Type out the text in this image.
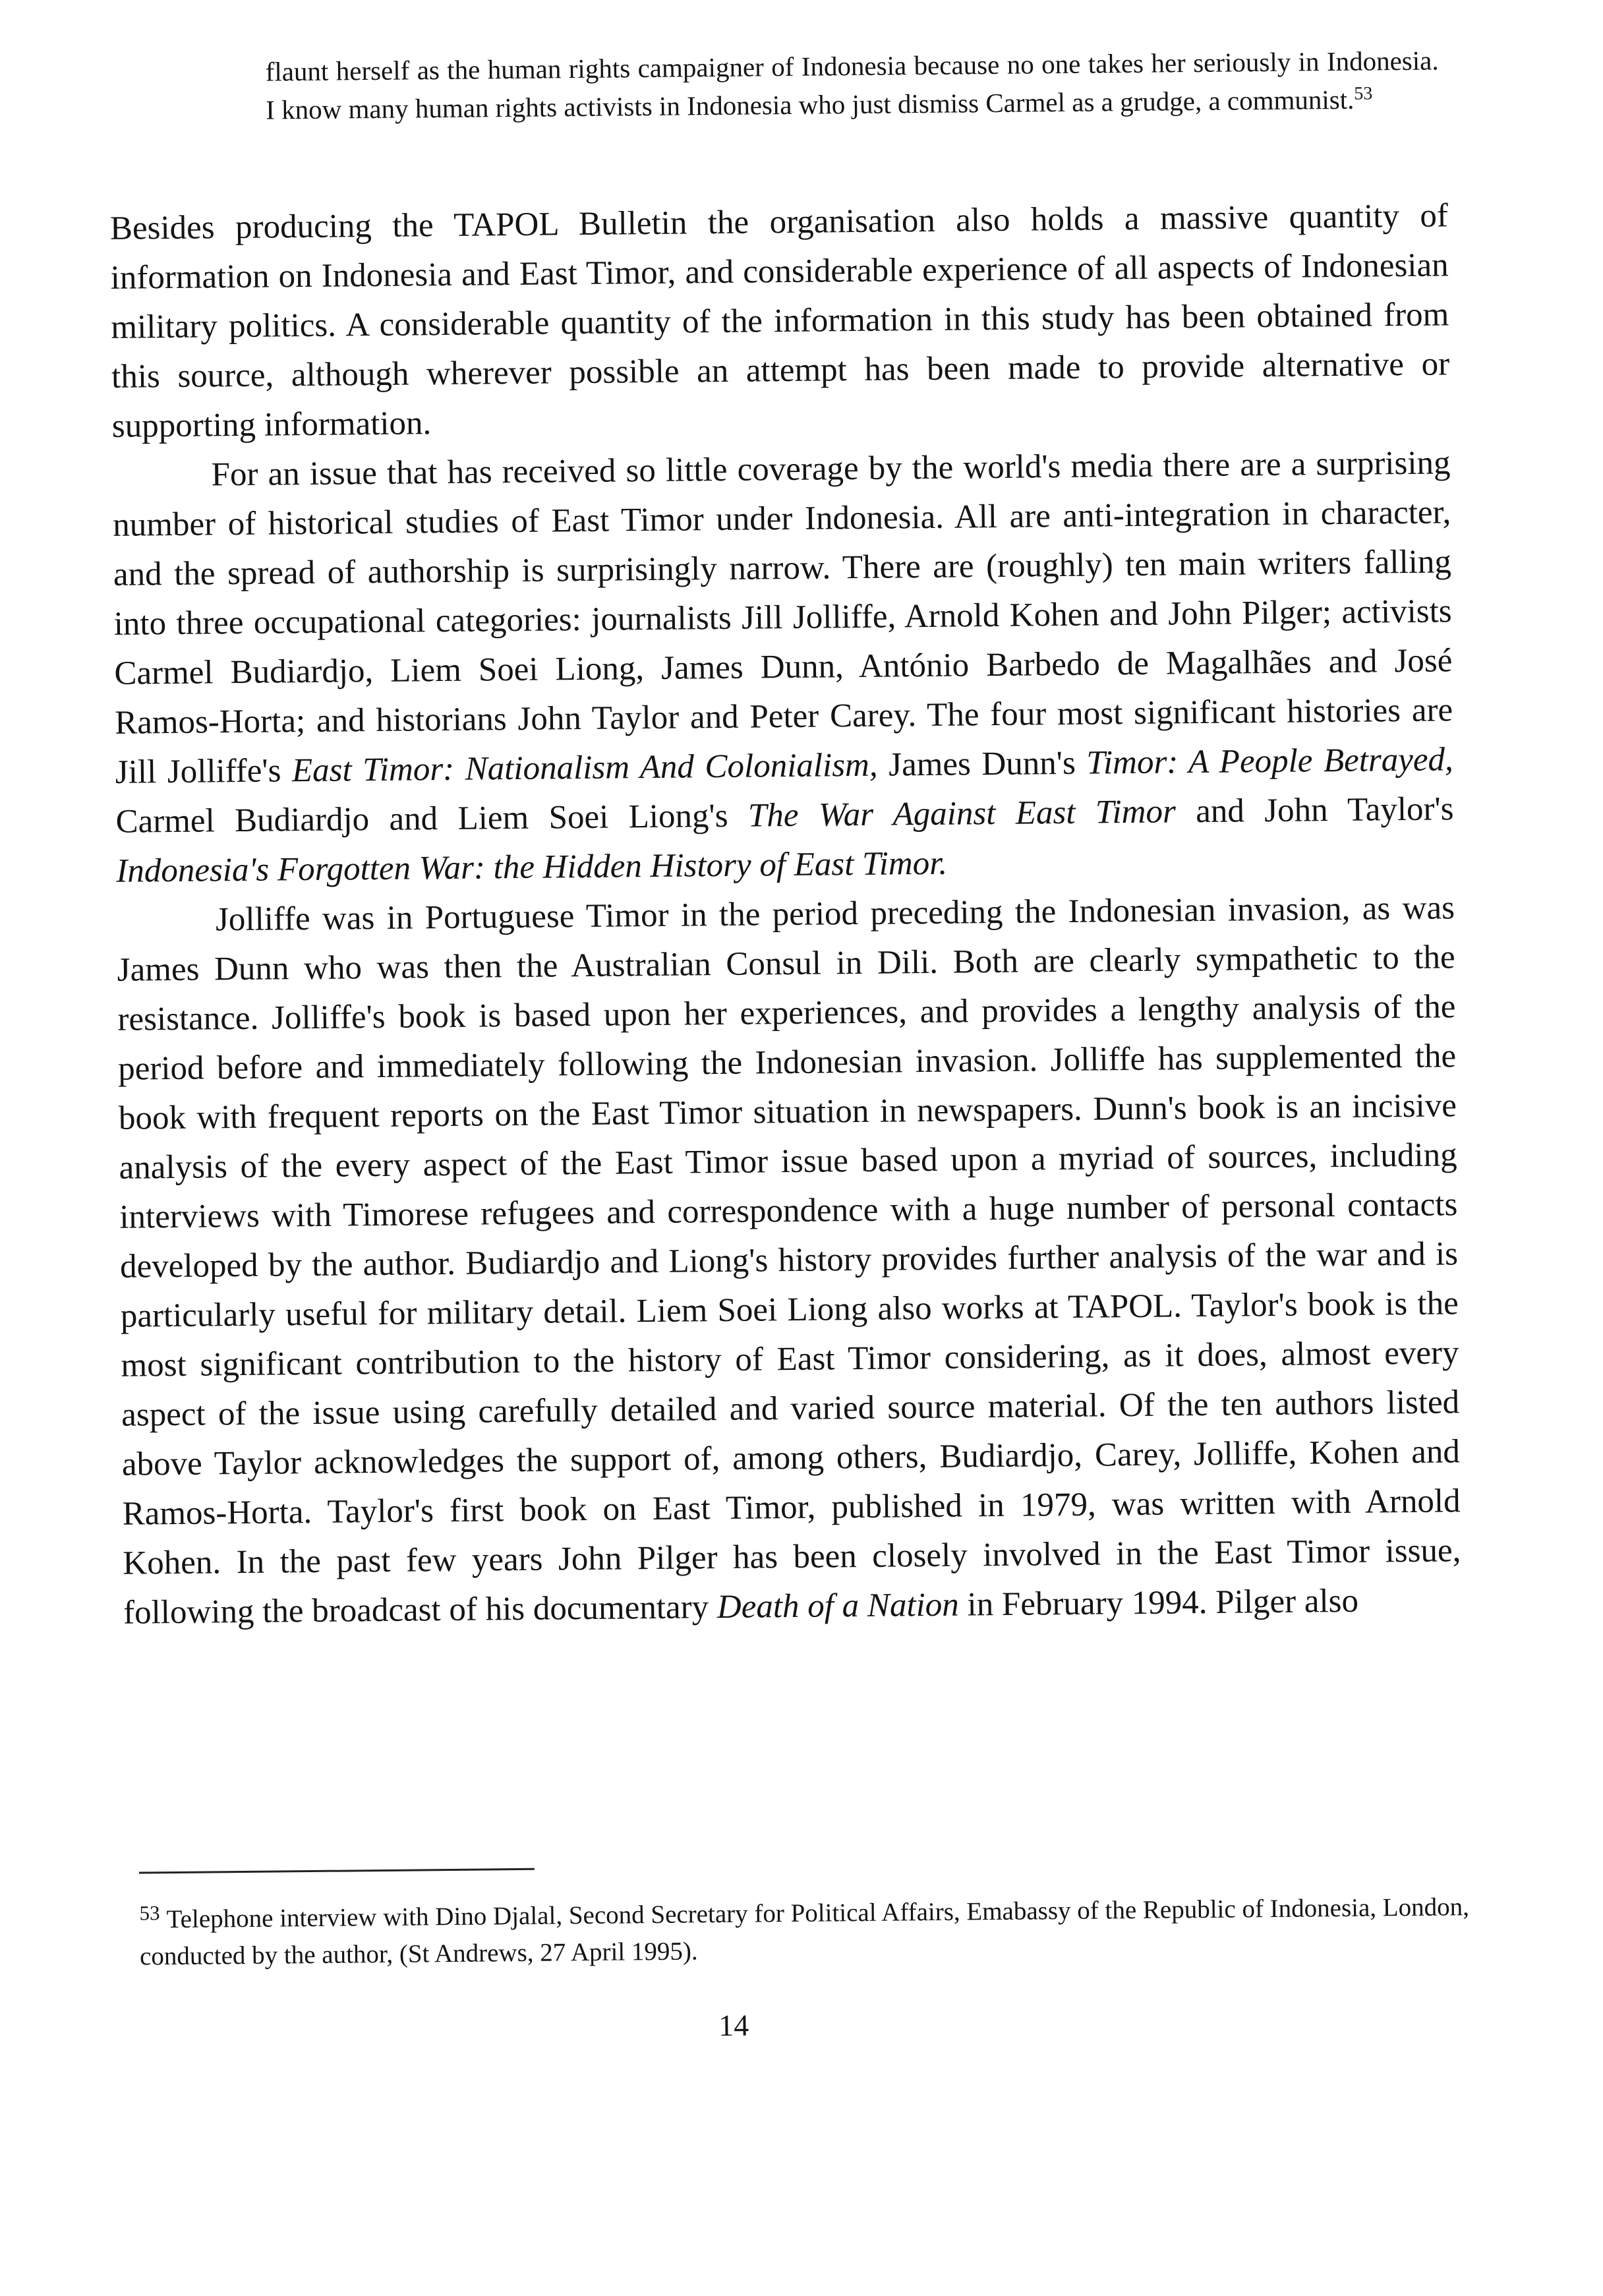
flaunt herself as the human rights campaigner of Indonesia because no one takes her seriously in Indonesia. I know many human rights activists in Indonesia who just dismiss Carmel as a grudge, a communist.$^{53}$

Besides producing the TAPOL Bulletin the organisation also holds a massive quantity of information on Indonesia and East Timor, and considerable experience of all aspects of Indonesian military politics. A considerable quantity of the information in this study has been obtained from this source, although wherever possible an attempt has been made to provide alternative or supporting information.

For an issue that has received so little coverage by the world's media there are a surprising number of historical studies of East Timor under Indonesia. All are anti-integration in character, and the spread of authorship is surprisingly narrow. There are (roughly) ten main writers falling into three occupational categories: journalists Jill Jolliffe, Arnold Kohen and John Pilger; activists Carmel Budiardjo, Liem Soei Liong, James Dunn, António Barbedo de Magalhães and José Ramos-Horta; and historians John Taylor and Peter Carey. The four most significant histories are Jill Jolliffe's East Timor: Nationalism And Colonialism, James Dunn's Timor: A People Betrayed, Carmel Budiardjo and Liem Soei Liong's The War Against East Timor and John Taylor's Indonesia's Forgotten War: the Hidden History of East Timor.

Jolliffe was in Portuguese Timor in the period preceding the Indonesian invasion, as was James Dunn who was then the Australian Consul in Dili. Both are clearly sympathetic to the resistance. Jolliffe's book is based upon her experiences, and provides a lengthy analysis of the period before and immediately following the Indonesian invasion. Jolliffe has supplemented the book with frequent reports on the East Timor situation in newspapers. Dunn's book is an incisive analysis of the every aspect of the East Timor issue based upon a myriad of sources, including interviews with Timorese refugees and correspondence with a huge number of personal contacts developed by the author. Budiardjo and Liong's history provides further analysis of the war and is particularly useful for military detail. Liem Soei Liong also works at TAPOL. Taylor's book is the most significant contribution to the history of East Timor considering, as it does, almost every aspect of the issue using carefully detailed and varied source material. Of the ten authors listed above Taylor acknowledges the support of, among others, Budiardjo, Carey, Jolliffe, Kohen and Ramos-Horta. Taylor's first book on East Timor, published in 1979, was written with Arnold Kohen. In the past few years John Pilger has been closely involved in the East Timor issue, following the broadcast of his documentary Death of a Nation in February 1994. Pilger also

$^{53}$ Telephone interview with Dino Djalal, Second Secretary for Political Affairs, Emabassy of the Republic of Indonesia, London, conducted by the author, (St Andrews, 27 April 1995).
14
